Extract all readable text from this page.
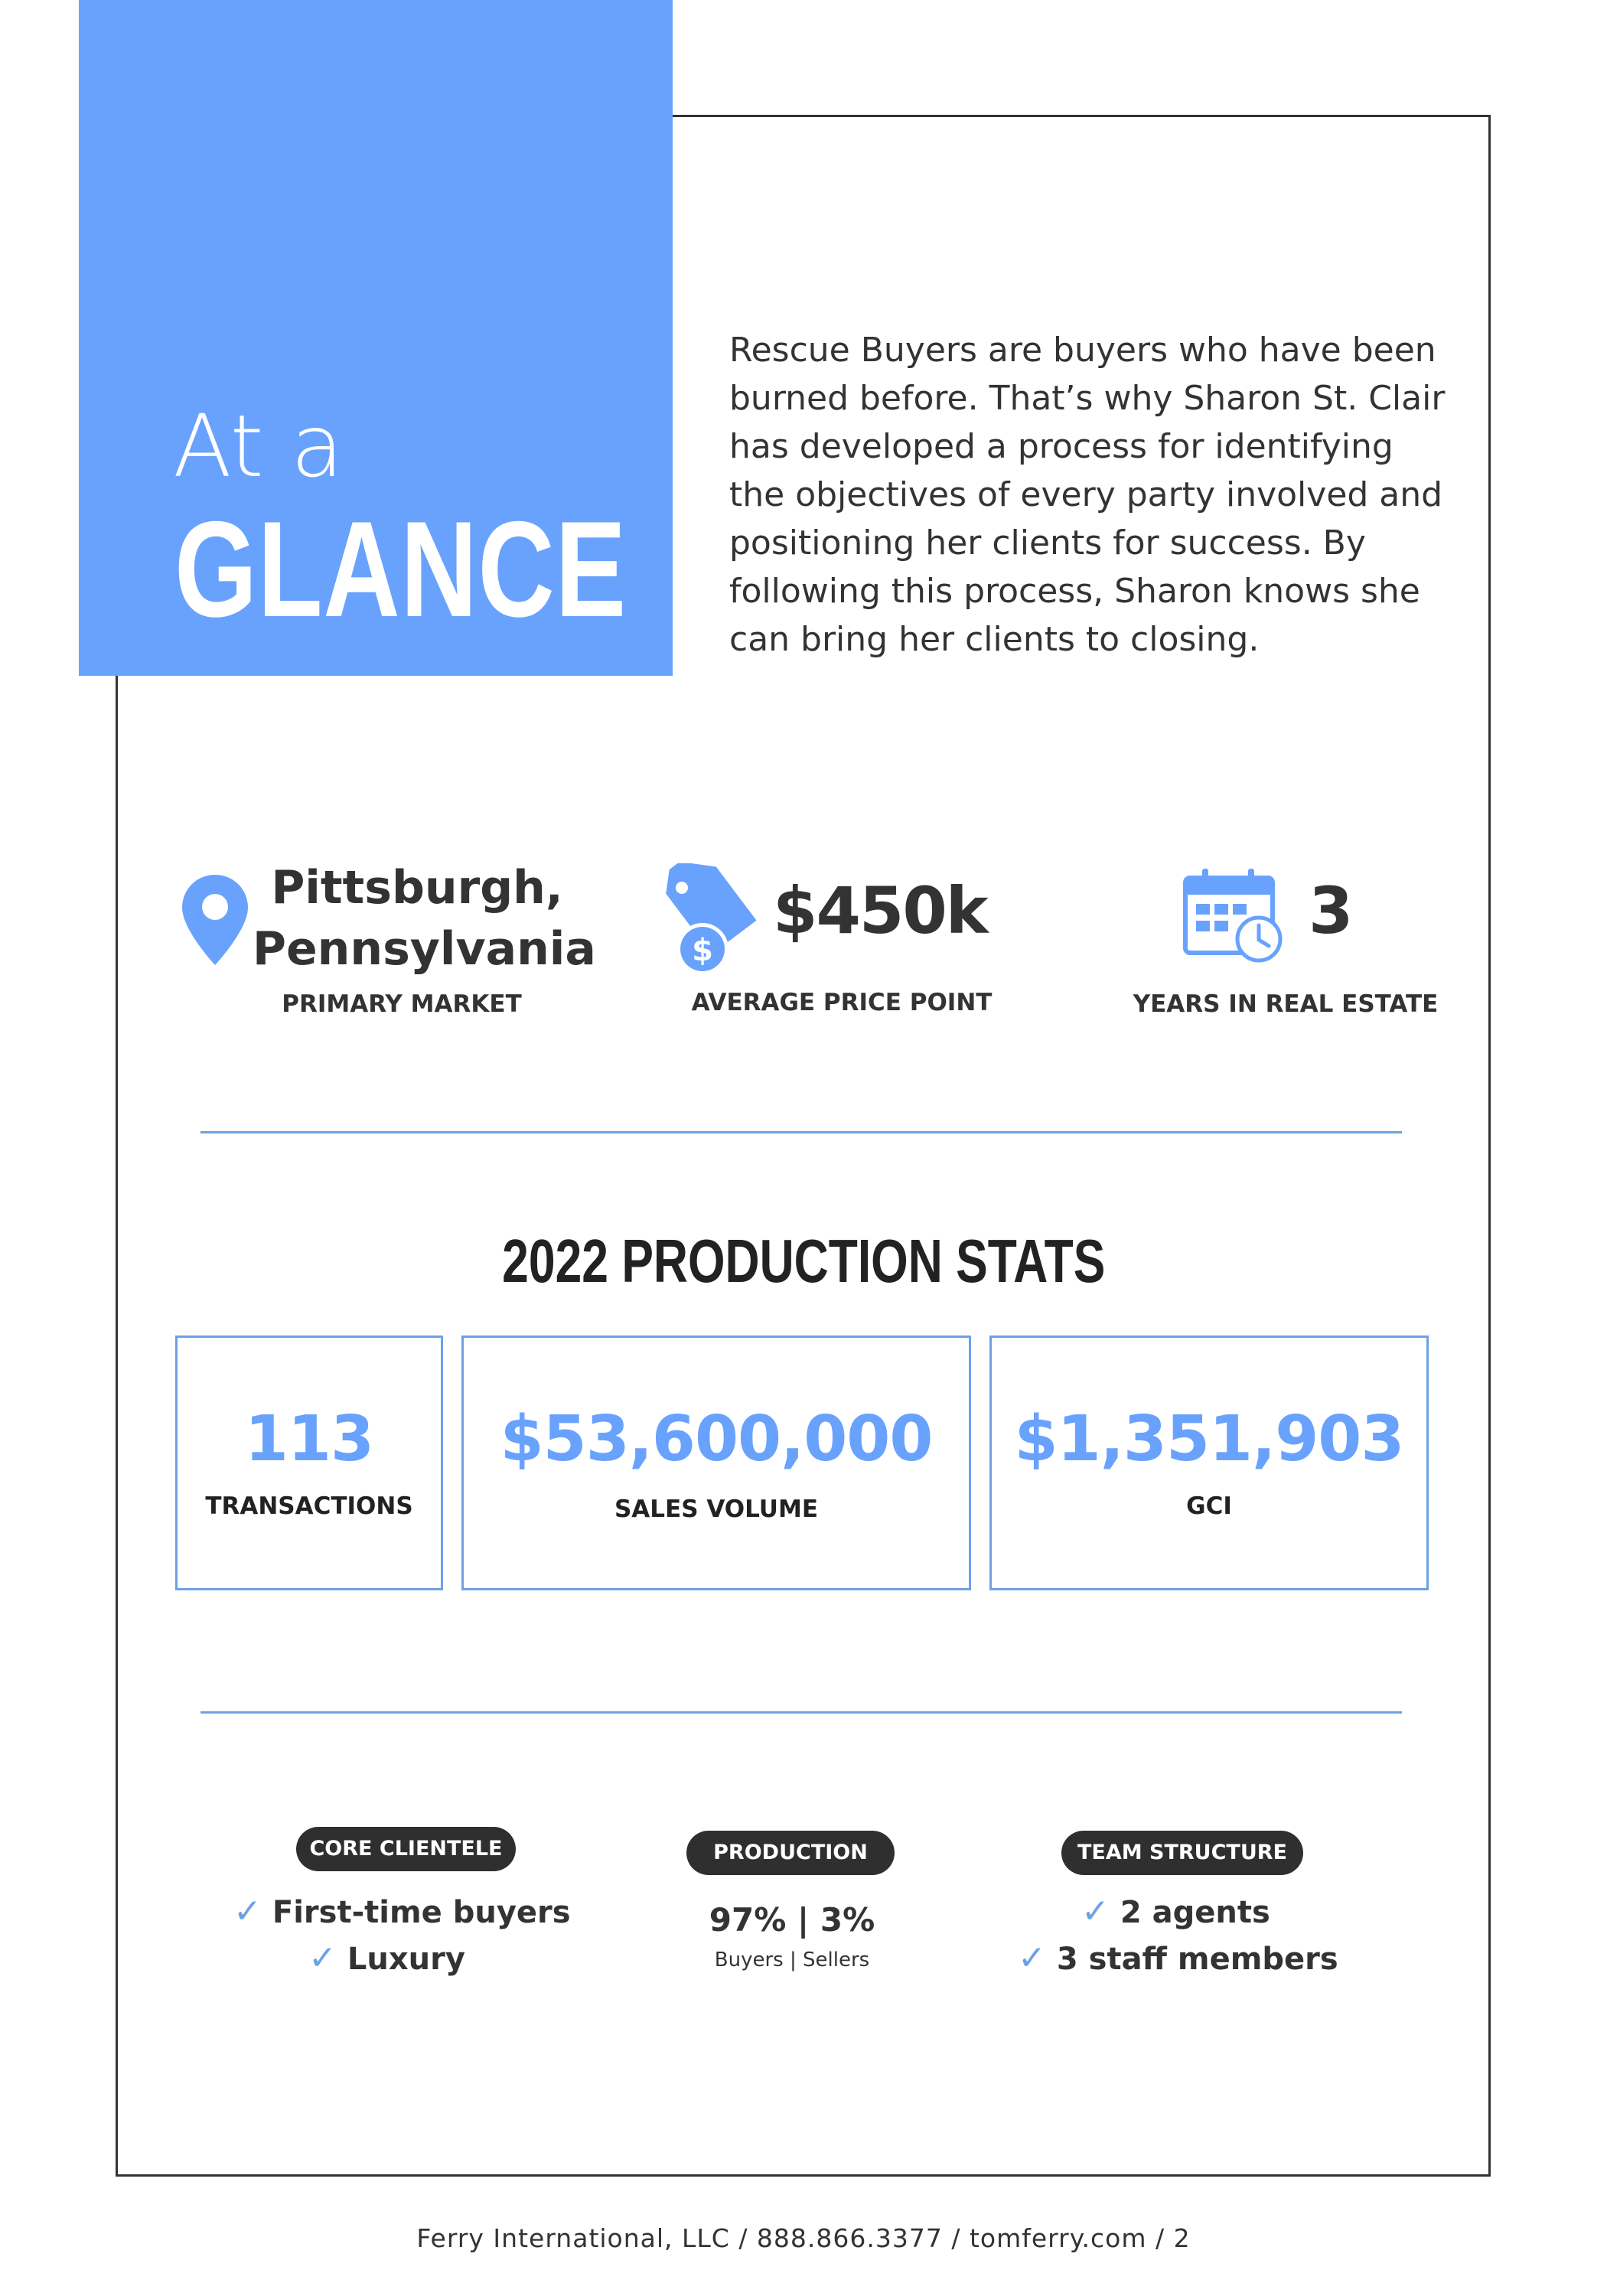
At a
GLANCE
Rescue Buyers are buyers who have been burned before. That’s why Sharon St. Clair has developed a process for identifying the objectives of every party involved and positioning her clients for success. By following this process, Sharon knows she can bring her clients to closing.
Pittsburgh,
Pennsylvania
PRIMARY MARKET
$
$450k
AVERAGE PRICE POINT
3
YEARS IN REAL ESTATE
2022 PRODUCTION STATS
113
TRANSACTIONS
$53,600,000
SALES VOLUME
$1,351,903
GCI
CORE CLIENTELE
✓ First-time buyers
✓ Luxury
PRODUCTION
97% | 3%
Buyers | Sellers
TEAM STRUCTURE
✓ 2 agents
✓ 3 staff members
Ferry International, LLC / 888.866.3377 / tomferry.com / 2
